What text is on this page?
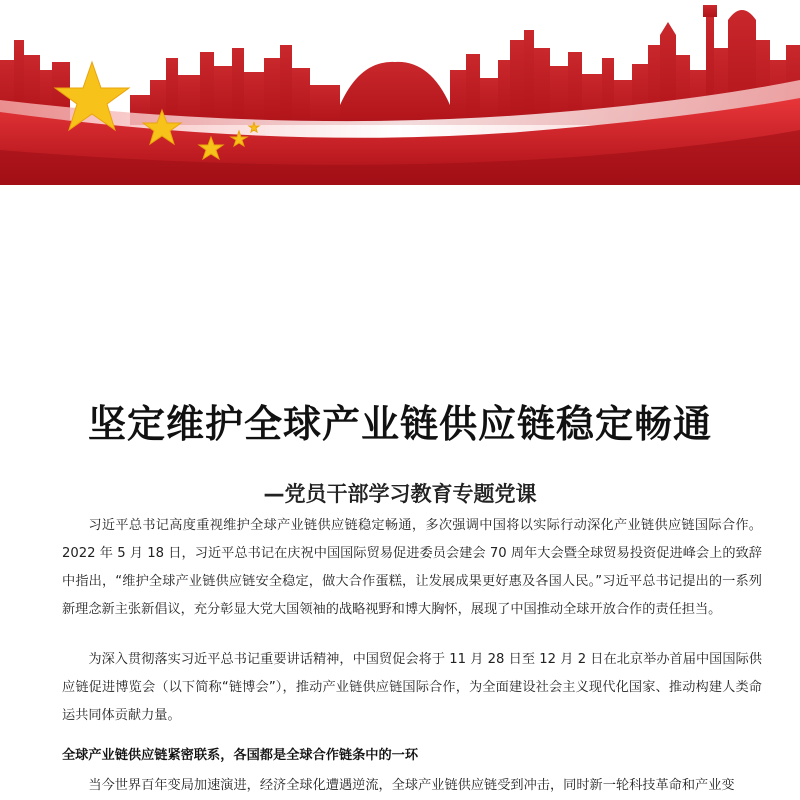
坚定维护全球产业链供应链稳定畅通
—党员干部学习教育专题党课

习近平总书记高度重视维护全球产业链供应链稳定畅通，多次强调中国将以实际行动深化产业链供应链国际合作。2022 年 5 月 18 日，习近平总书记在庆祝中国国际贸易促进委员会建会 70 周年大会暨全球贸易投资促进峰会上的致辞中指出，“维护全球产业链供应链安全稳定，做大合作蛋糕，让发展成果更好惠及各国人民。”习近平总书记提出的一系列新理念新主张新倡议，充分彰显大党大国领袖的战略视野和博大胸怀，展现了中国推动全球开放合作的责任担当。

为深入贯彻落实习近平总书记重要讲话精神，中国贸促会将于 11 月 28 日至 12 月 2 日在北京举办首届中国国际供应链促进博览会（以下简称“链博会”），推动产业链供应链国际合作，为全面建设社会主义现代化国家、推动构建人类命运共同体贡献力量。

全球产业链供应链紧密联系，各国都是全球合作链条中的一环

当今世界百年变局加速演进，经济全球化遭遇逆流，全球产业链供应链受到冲击，同时新一轮科技革命和产业变
